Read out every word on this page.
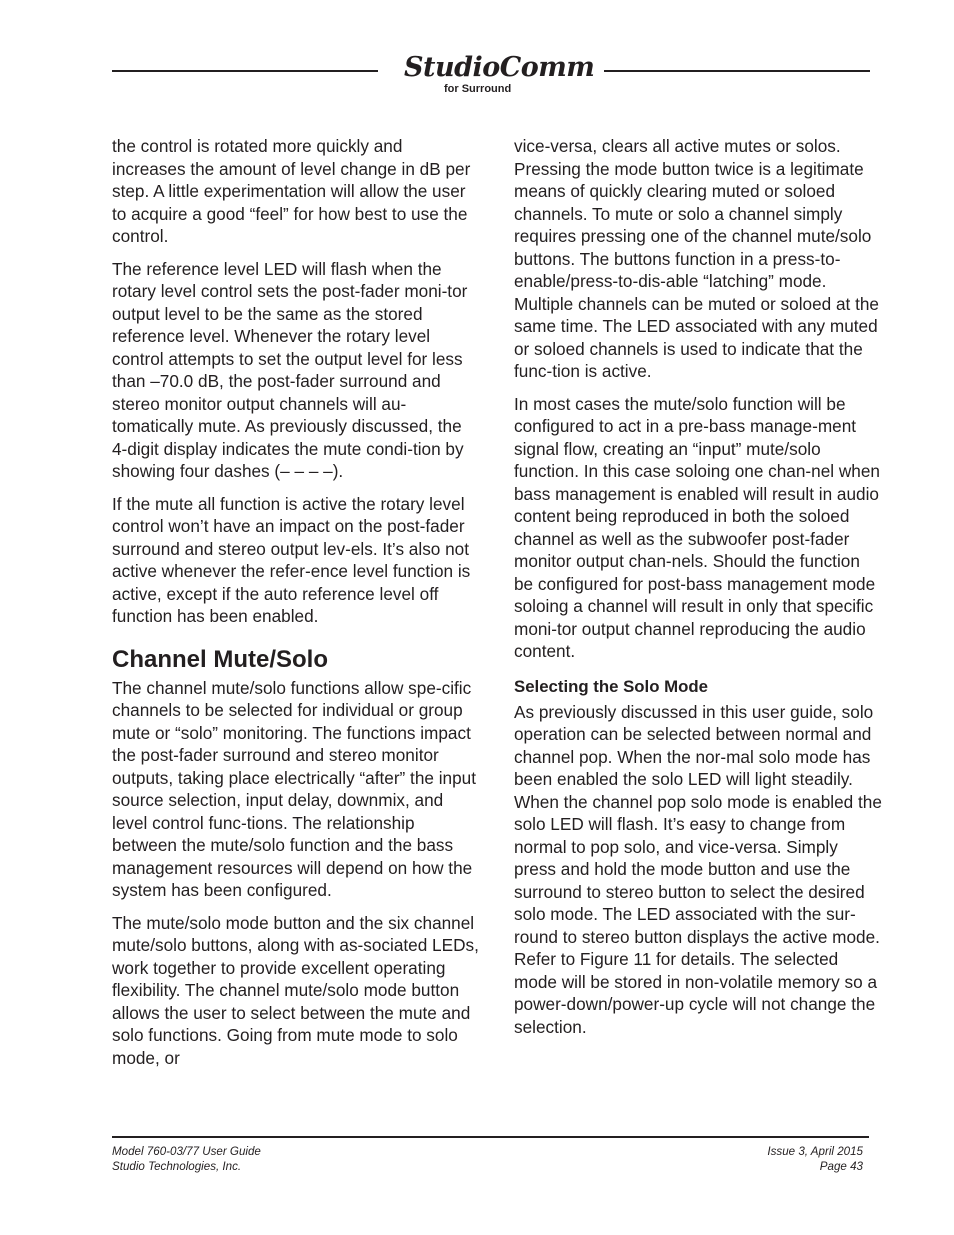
StudioComm
for Surround

the control is rotated more quickly and increases the amount of level change in dB per step. A little experimentation will allow the user to acquire a good “feel” for how best to use the control.

The reference level LED will flash when the rotary level control sets the post-fader moni-tor output level to be the same as the stored reference level. Whenever the rotary level control attempts to set the output level for less than –70.0 dB, the post-fader surround and stereo monitor output channels will au-tomatically mute. As previously discussed, the 4-digit display indicates the mute condi-tion by showing four dashes (– – – –).

If the mute all function is active the rotary level control won’t have an impact on the post-fader surround and stereo output lev-els. It’s also not active whenever the refer-ence level function is active, except if the auto reference level off function has been enabled.

Channel Mute/Solo

The channel mute/solo functions allow spe-cific channels to be selected for individual or group mute or “solo” monitoring. The functions impact the post-fader surround and stereo monitor outputs, taking place electrically “after” the input source selection, input delay, downmix, and level control func-tions. The relationship between the mute/solo function and the bass management resources will depend on how the system has been configured.

The mute/solo mode button and the six channel mute/solo buttons, along with as-sociated LEDs, work together to provide excellent operating flexibility. The channel mute/solo mode button allows the user to select between the mute and solo functions. Going from mute mode to solo mode, or

vice-versa, clears all active mutes or solos. Pressing the mode button twice is a legitimate means of quickly clearing muted or soloed channels. To mute or solo a channel simply requires pressing one of the channel mute/solo buttons. The buttons function in a press-to-enable/press-to-dis-able “latching” mode. Multiple channels can be muted or soloed at the same time. The LED associated with any muted or soloed channels is used to indicate that the func-tion is active.

In most cases the mute/solo function will be configured to act in a pre-bass manage-ment signal flow, creating an “input” mute/solo function. In this case soloing one chan-nel when bass management is enabled will result in audio content being reproduced in both the soloed channel as well as the subwoofer post-fader monitor output chan-nels. Should the function be configured for post-bass management mode soloing a channel will result in only that specific moni-tor output channel reproducing the audio content.

Selecting the Solo Mode

As previously discussed in this user guide, solo operation can be selected between normal and channel pop. When the nor-mal solo mode has been enabled the solo LED will light steadily. When the channel pop solo mode is enabled the solo LED will flash. It’s easy to change from normal to pop solo, and vice-versa. Simply press and hold the mode button and use the surround to stereo button to select the desired solo mode. The LED associated with the sur-round to stereo button displays the active mode. Refer to Figure 11 for details. The selected mode will be stored in non-volatile memory so a power-down/power-up cycle will not change the selection.

Model 760-03/77 User Guide
Studio Technologies, Inc.
Issue 3, April 2015
Page 43
